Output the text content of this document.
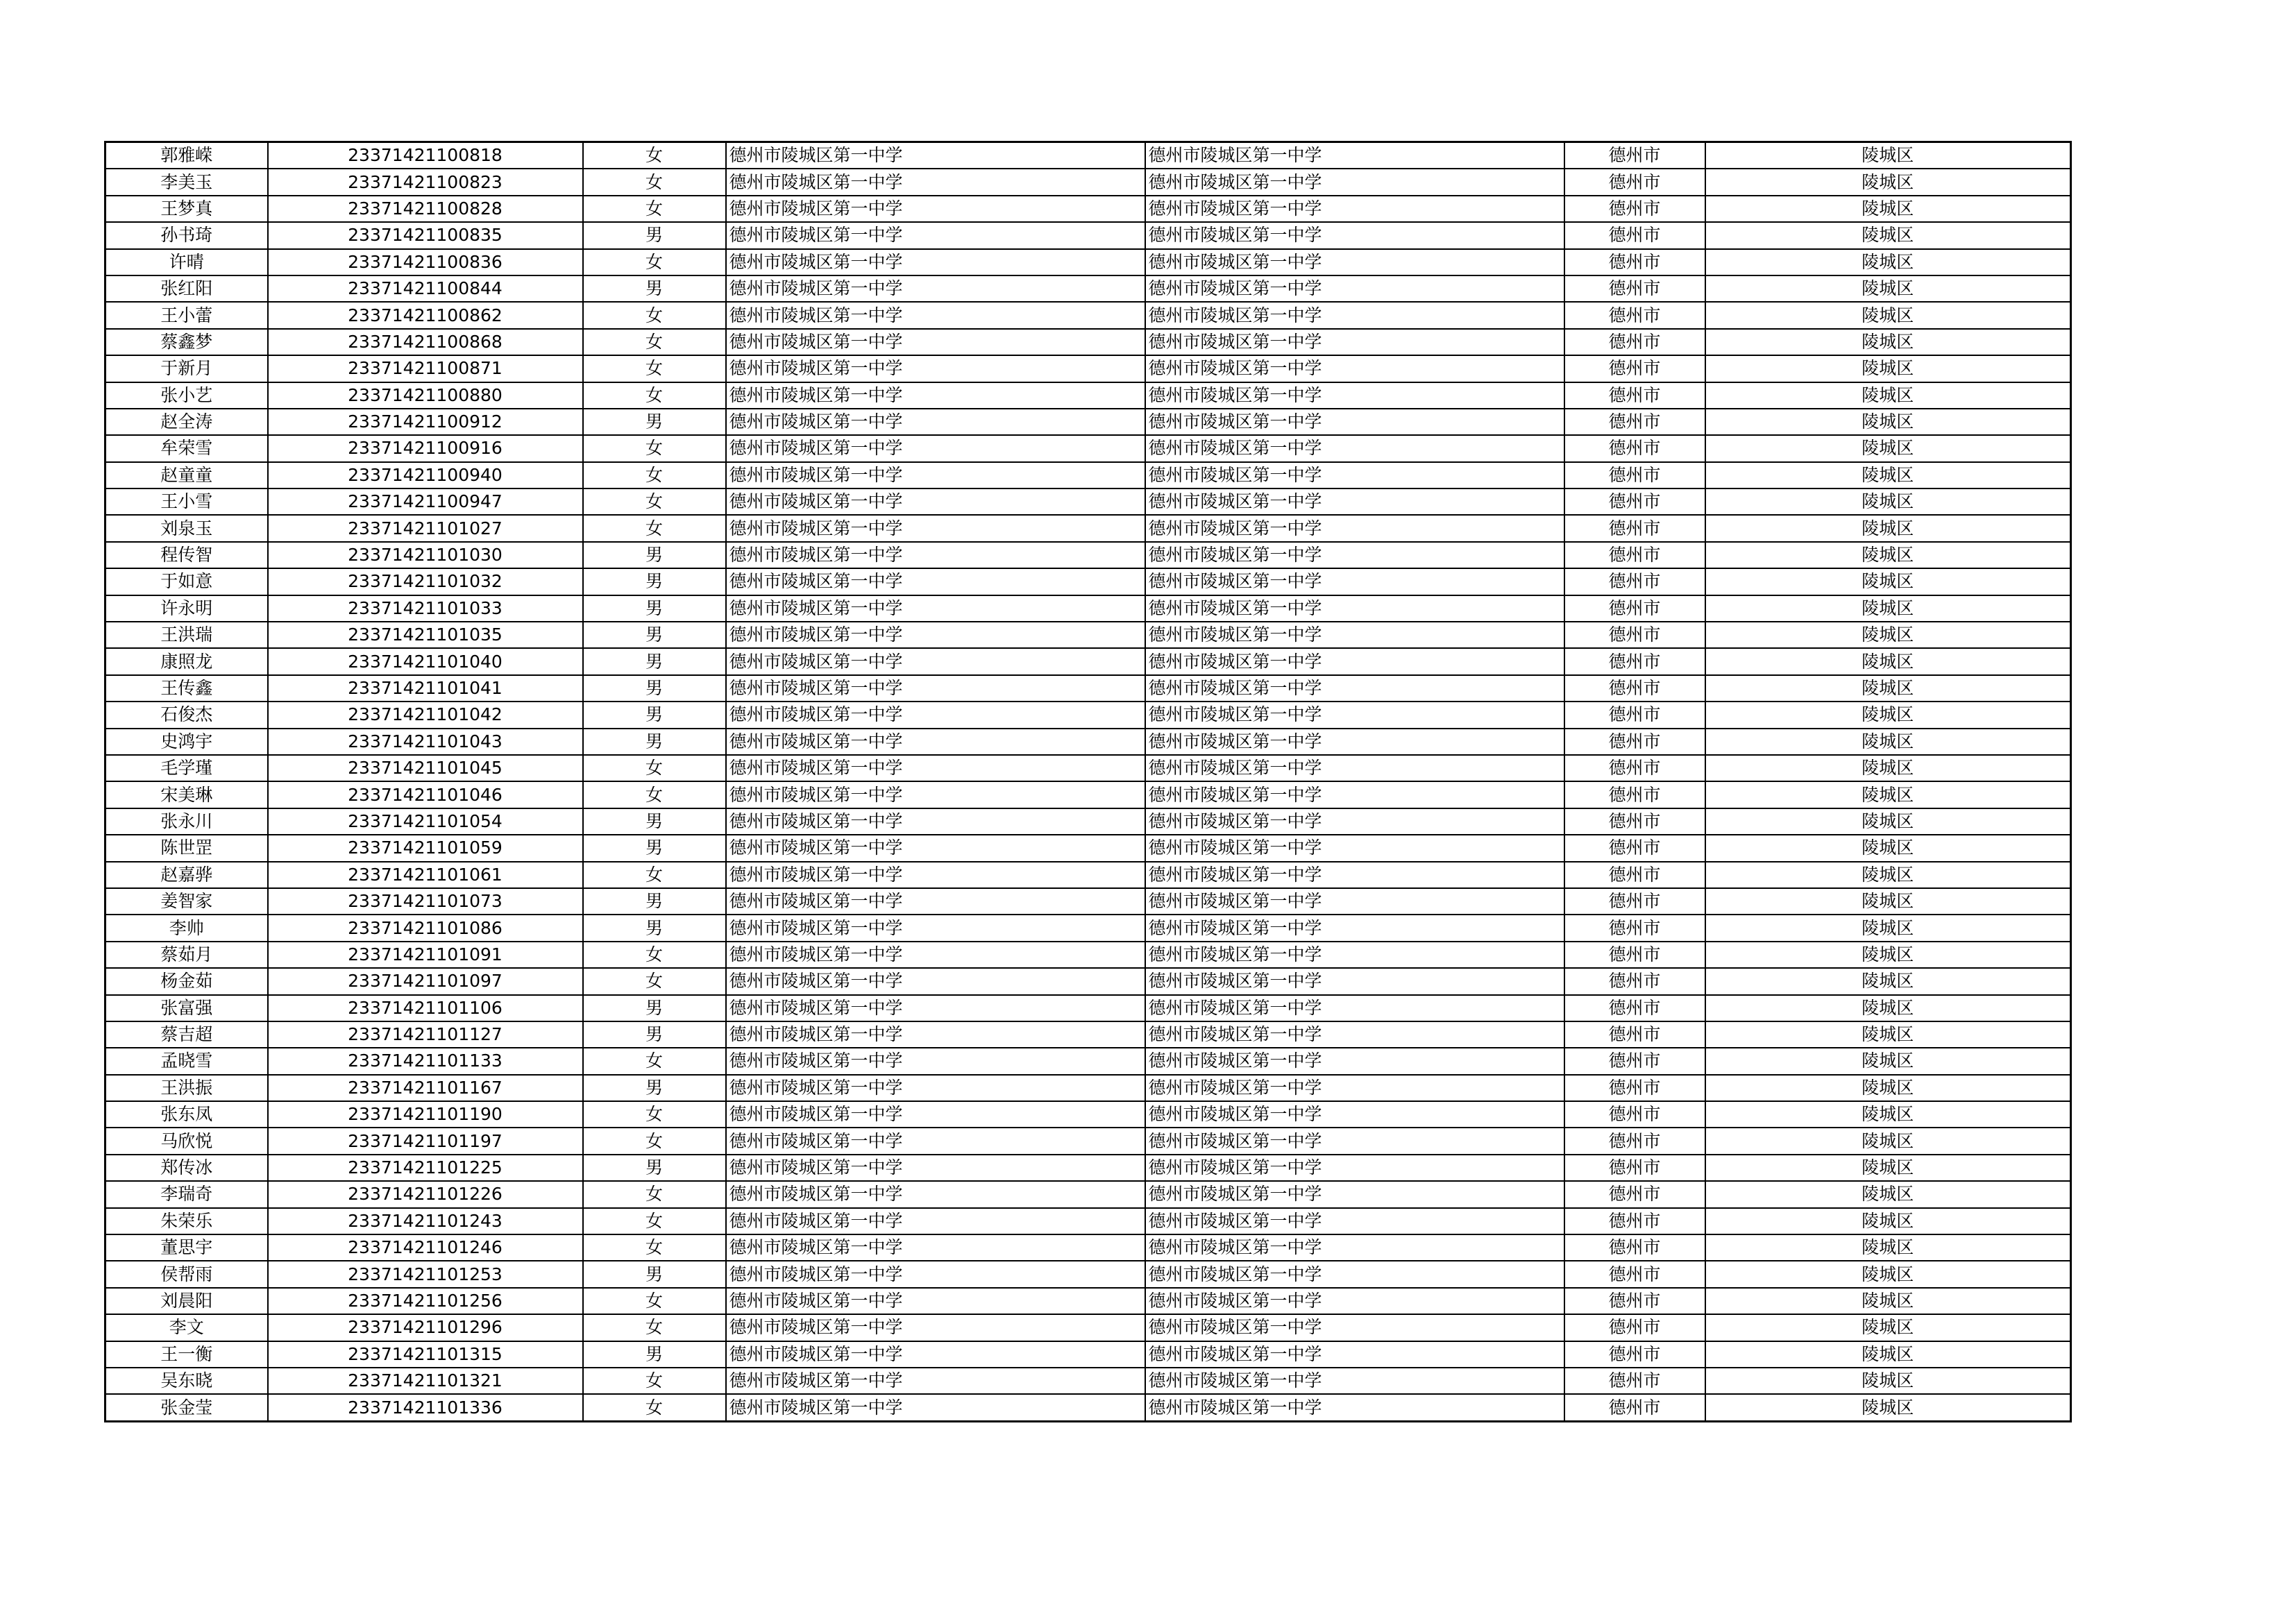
郭雅嵘	23371421100818	女	德州市陵城区第一中学	德州市陵城区第一中学	德州市	陵城区
李美玉	23371421100823	女	德州市陵城区第一中学	德州市陵城区第一中学	德州市	陵城区
王梦真	23371421100828	女	德州市陵城区第一中学	德州市陵城区第一中学	德州市	陵城区
孙书琦	23371421100835	男	德州市陵城区第一中学	德州市陵城区第一中学	德州市	陵城区
许晴	23371421100836	女	德州市陵城区第一中学	德州市陵城区第一中学	德州市	陵城区
张红阳	23371421100844	男	德州市陵城区第一中学	德州市陵城区第一中学	德州市	陵城区
王小蕾	23371421100862	女	德州市陵城区第一中学	德州市陵城区第一中学	德州市	陵城区
蔡鑫梦	23371421100868	女	德州市陵城区第一中学	德州市陵城区第一中学	德州市	陵城区
于新月	23371421100871	女	德州市陵城区第一中学	德州市陵城区第一中学	德州市	陵城区
张小艺	23371421100880	女	德州市陵城区第一中学	德州市陵城区第一中学	德州市	陵城区
赵全涛	23371421100912	男	德州市陵城区第一中学	德州市陵城区第一中学	德州市	陵城区
牟荣雪	23371421100916	女	德州市陵城区第一中学	德州市陵城区第一中学	德州市	陵城区
赵童童	23371421100940	女	德州市陵城区第一中学	德州市陵城区第一中学	德州市	陵城区
王小雪	23371421100947	女	德州市陵城区第一中学	德州市陵城区第一中学	德州市	陵城区
刘泉玉	23371421101027	女	德州市陵城区第一中学	德州市陵城区第一中学	德州市	陵城区
程传智	23371421101030	男	德州市陵城区第一中学	德州市陵城区第一中学	德州市	陵城区
于如意	23371421101032	男	德州市陵城区第一中学	德州市陵城区第一中学	德州市	陵城区
许永明	23371421101033	男	德州市陵城区第一中学	德州市陵城区第一中学	德州市	陵城区
王洪瑞	23371421101035	男	德州市陵城区第一中学	德州市陵城区第一中学	德州市	陵城区
康照龙	23371421101040	男	德州市陵城区第一中学	德州市陵城区第一中学	德州市	陵城区
王传鑫	23371421101041	男	德州市陵城区第一中学	德州市陵城区第一中学	德州市	陵城区
石俊杰	23371421101042	男	德州市陵城区第一中学	德州市陵城区第一中学	德州市	陵城区
史鸿宇	23371421101043	男	德州市陵城区第一中学	德州市陵城区第一中学	德州市	陵城区
毛学瑾	23371421101045	女	德州市陵城区第一中学	德州市陵城区第一中学	德州市	陵城区
宋美琳	23371421101046	女	德州市陵城区第一中学	德州市陵城区第一中学	德州市	陵城区
张永川	23371421101054	男	德州市陵城区第一中学	德州市陵城区第一中学	德州市	陵城区
陈世罡	23371421101059	男	德州市陵城区第一中学	德州市陵城区第一中学	德州市	陵城区
赵嘉骅	23371421101061	女	德州市陵城区第一中学	德州市陵城区第一中学	德州市	陵城区
姜智家	23371421101073	男	德州市陵城区第一中学	德州市陵城区第一中学	德州市	陵城区
李帅	23371421101086	男	德州市陵城区第一中学	德州市陵城区第一中学	德州市	陵城区
蔡茹月	23371421101091	女	德州市陵城区第一中学	德州市陵城区第一中学	德州市	陵城区
杨金茹	23371421101097	女	德州市陵城区第一中学	德州市陵城区第一中学	德州市	陵城区
张富强	23371421101106	男	德州市陵城区第一中学	德州市陵城区第一中学	德州市	陵城区
蔡吉超	23371421101127	男	德州市陵城区第一中学	德州市陵城区第一中学	德州市	陵城区
孟晓雪	23371421101133	女	德州市陵城区第一中学	德州市陵城区第一中学	德州市	陵城区
王洪振	23371421101167	男	德州市陵城区第一中学	德州市陵城区第一中学	德州市	陵城区
张东凤	23371421101190	女	德州市陵城区第一中学	德州市陵城区第一中学	德州市	陵城区
马欣悦	23371421101197	女	德州市陵城区第一中学	德州市陵城区第一中学	德州市	陵城区
郑传冰	23371421101225	男	德州市陵城区第一中学	德州市陵城区第一中学	德州市	陵城区
李瑞奇	23371421101226	女	德州市陵城区第一中学	德州市陵城区第一中学	德州市	陵城区
朱荣乐	23371421101243	女	德州市陵城区第一中学	德州市陵城区第一中学	德州市	陵城区
董思宇	23371421101246	女	德州市陵城区第一中学	德州市陵城区第一中学	德州市	陵城区
侯帮雨	23371421101253	男	德州市陵城区第一中学	德州市陵城区第一中学	德州市	陵城区
刘晨阳	23371421101256	女	德州市陵城区第一中学	德州市陵城区第一中学	德州市	陵城区
李文	23371421101296	女	德州市陵城区第一中学	德州市陵城区第一中学	德州市	陵城区
王一衡	23371421101315	男	德州市陵城区第一中学	德州市陵城区第一中学	德州市	陵城区
吴东晓	23371421101321	女	德州市陵城区第一中学	德州市陵城区第一中学	德州市	陵城区
张金莹	23371421101336	女	德州市陵城区第一中学	德州市陵城区第一中学	德州市	陵城区
